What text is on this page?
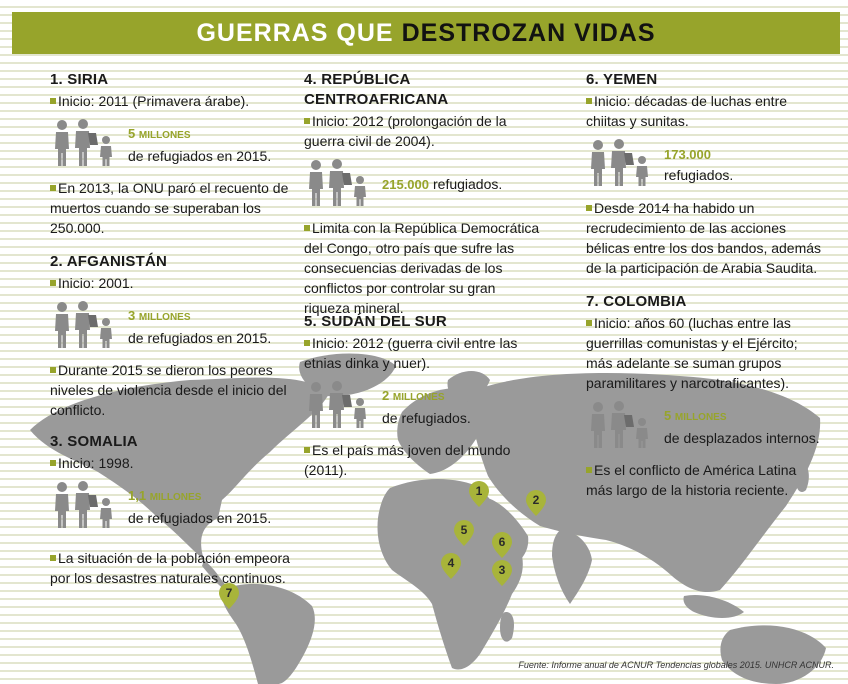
GUERRAS QUE DESTROZAN VIDAS
1
2
3
4
5
6
7
1. SIRIA

Inicio: 2011 (Primavera árabe).

5 MILLONES
de refugiados en 2015.

En 2013, la ONU paró el recuento de muertos cuando se superaban los 250.000.

2. AFGANISTÁN

Inicio: 2001.

3 MILLONES
de refugiados en 2015.

Durante 2015 se dieron los peores niveles de violencia desde el inicio del conflicto.

3. SOMALIA

Inicio: 1998.

1,1 MILLONES
de refugiados en 2015.

La situación de la población empeora por los desastres naturales continuos.

4. REPÚBLICA CENTROAFRICANA

Inicio: 2012 (prolongación de la guerra civil de 2004).

215.000 refugiados.

Limita con la República Democrática del Congo, otro país que sufre las consecuencias derivadas de los conflictos por controlar su gran riqueza mineral.

5. SUDÁN DEL SUR

Inicio: 2012 (guerra civil entre las etnias dinka y nuer).

2 MILLONES
de refugiados.

Es el país más joven del mundo (2011).

6. YEMEN

Inicio: décadas de luchas entre chiitas y sunitas.

173.000
refugiados.

Desde 2014 ha habido un recrudecimiento de las acciones bélicas entre los dos bandos, además de la participación de Arabia Saudita.

7. COLOMBIA

Inicio: años 60 (luchas entre las guerrillas comunistas y el Ejército; más adelante se suman grupos paramilitares y narcotraficantes).

5 MILLONES
de desplazados internos.

Es el conflicto de América Latina más largo de la historia reciente.

Fuente: Informe anual de ACNUR Tendencias globales 2015. UNHCR ACNUR.
